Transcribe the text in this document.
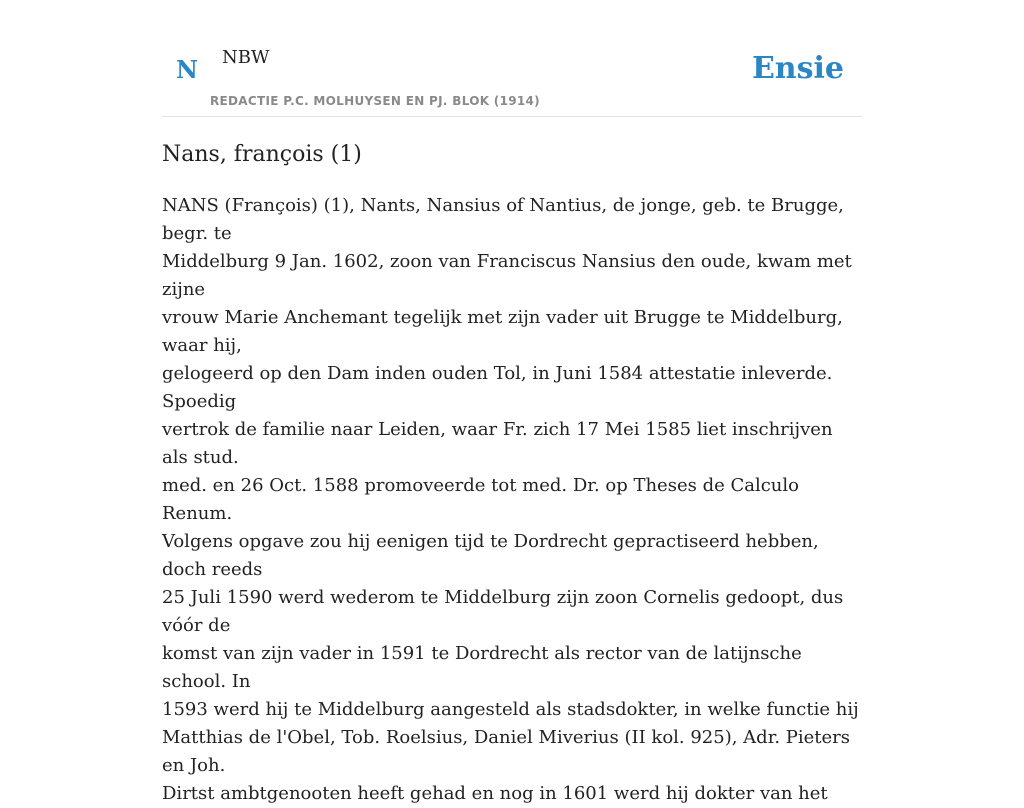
N NBW
REDACTIE P.C. MOLHUYSEN EN PJ. BLOK (1914)
Ensie
Nans, françois (1)

NANS (François) (1), Nants, Nansius of Nantius, de jonge, geb. te Brugge, begr. te
Middelburg 9 Jan. 1602, zoon van Franciscus Nansius den oude, kwam met zijne
vrouw Marie Anchemant tegelijk met zijn vader uit Brugge te Middelburg, waar hij,
gelogeerd op den Dam inden ouden Tol, in Juni 1584 attestatie inleverde. Spoedig
vertrok de familie naar Leiden, waar Fr. zich 17 Mei 1585 liet inschrijven als stud.
med. en 26 Oct. 1588 promoveerde tot med. Dr. op Theses de Calculo Renum.
Volgens opgave zou hij eenigen tijd te Dordrecht gepractiseerd hebben, doch reeds
25 Juli 1590 werd wederom te Middelburg zijn zoon Cornelis gedoopt, dus vóór de
komst van zijn vader in 1591 te Dordrecht als rector van de latijnsche school. In
1593 werd hij te Middelburg aangesteld als stadsdokter, in welke functie hij
Matthias de l'Obel, Tob. Roelsius, Daniel Miverius (II kol. 925), Adr. Pieters en Joh.
Dirtst ambtgenooten heeft gehad en nog in 1601 werd hij dokter van het
